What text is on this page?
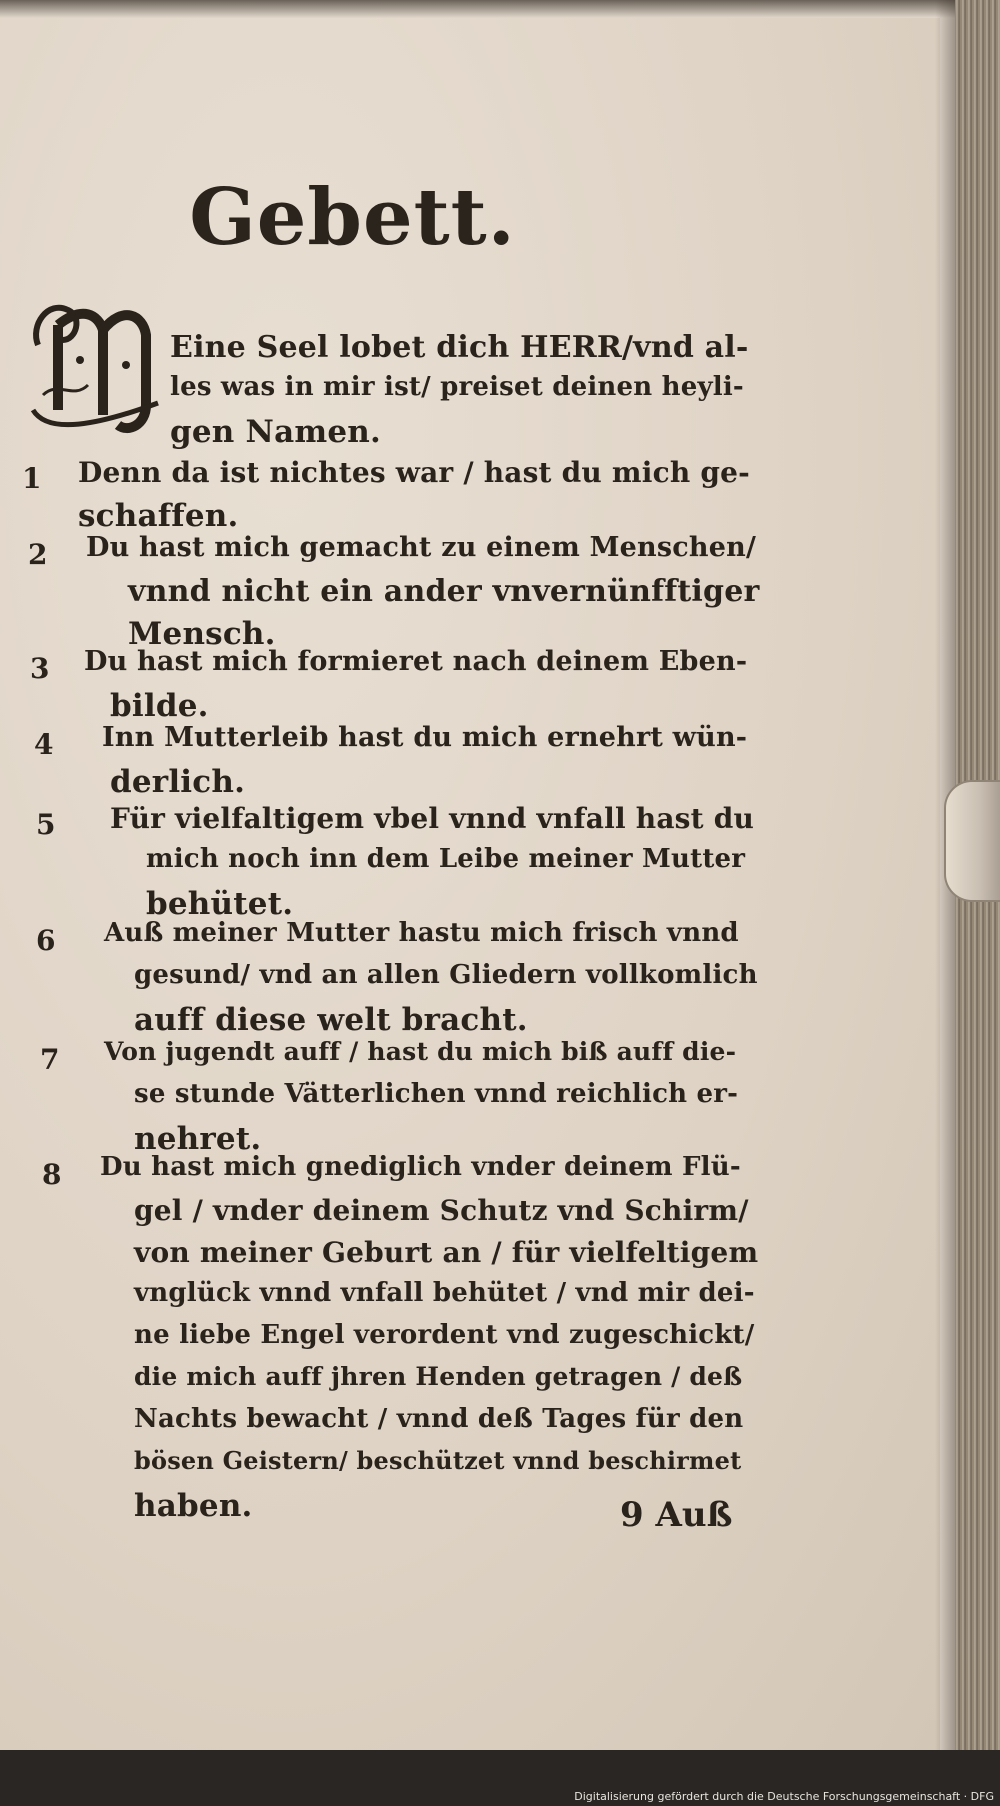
Gebett.
Eine Seel lobet dich HERR/vnd al-
les was in mir ist/ preiset deinen heyli-
gen Namen.
1 Denn da ist nichtes war / hast du mich ge-
schaffen.
2 Du hast mich gemacht zu einem Menschen/
vnnd nicht ein ander vnvernünfftiger
Mensch.
3 Du hast mich formieret nach deinem Eben-
bilde.
4 Inn Mutterleib hast du mich ernehrt wün-
derlich.
5 Für vielfaltigem vbel vnnd vnfall hast du
mich noch inn dem Leibe meiner Mutter
behütet.
6 Auß meiner Mutter hastu mich frisch vnnd
gesund/ vnd an allen Gliedern vollkomlich
auff diese welt bracht.
7 Von jugendt auff / hast du mich biß auff die-
se stunde Vätterlichen vnnd reichlich er-
nehret.
8 Du hast mich gnediglich vnder deinem Flü-
gel / vnder deinem Schutz vnd Schirm/
von meiner Geburt an / für vielfeltigem
vnglück vnnd vnfall behütet / vnd mir dei-
ne liebe Engel verordent vnd zugeschickt/
die mich auff jhren Henden getragen / deß
Nachts bewacht / vnnd deß Tages für den
bösen Geistern/ beschützet vnnd beschirmet
haben.	9 Auß
Digitalisierung gefördert durch die Deutsche Forschungsgemeinschaft · DFG
